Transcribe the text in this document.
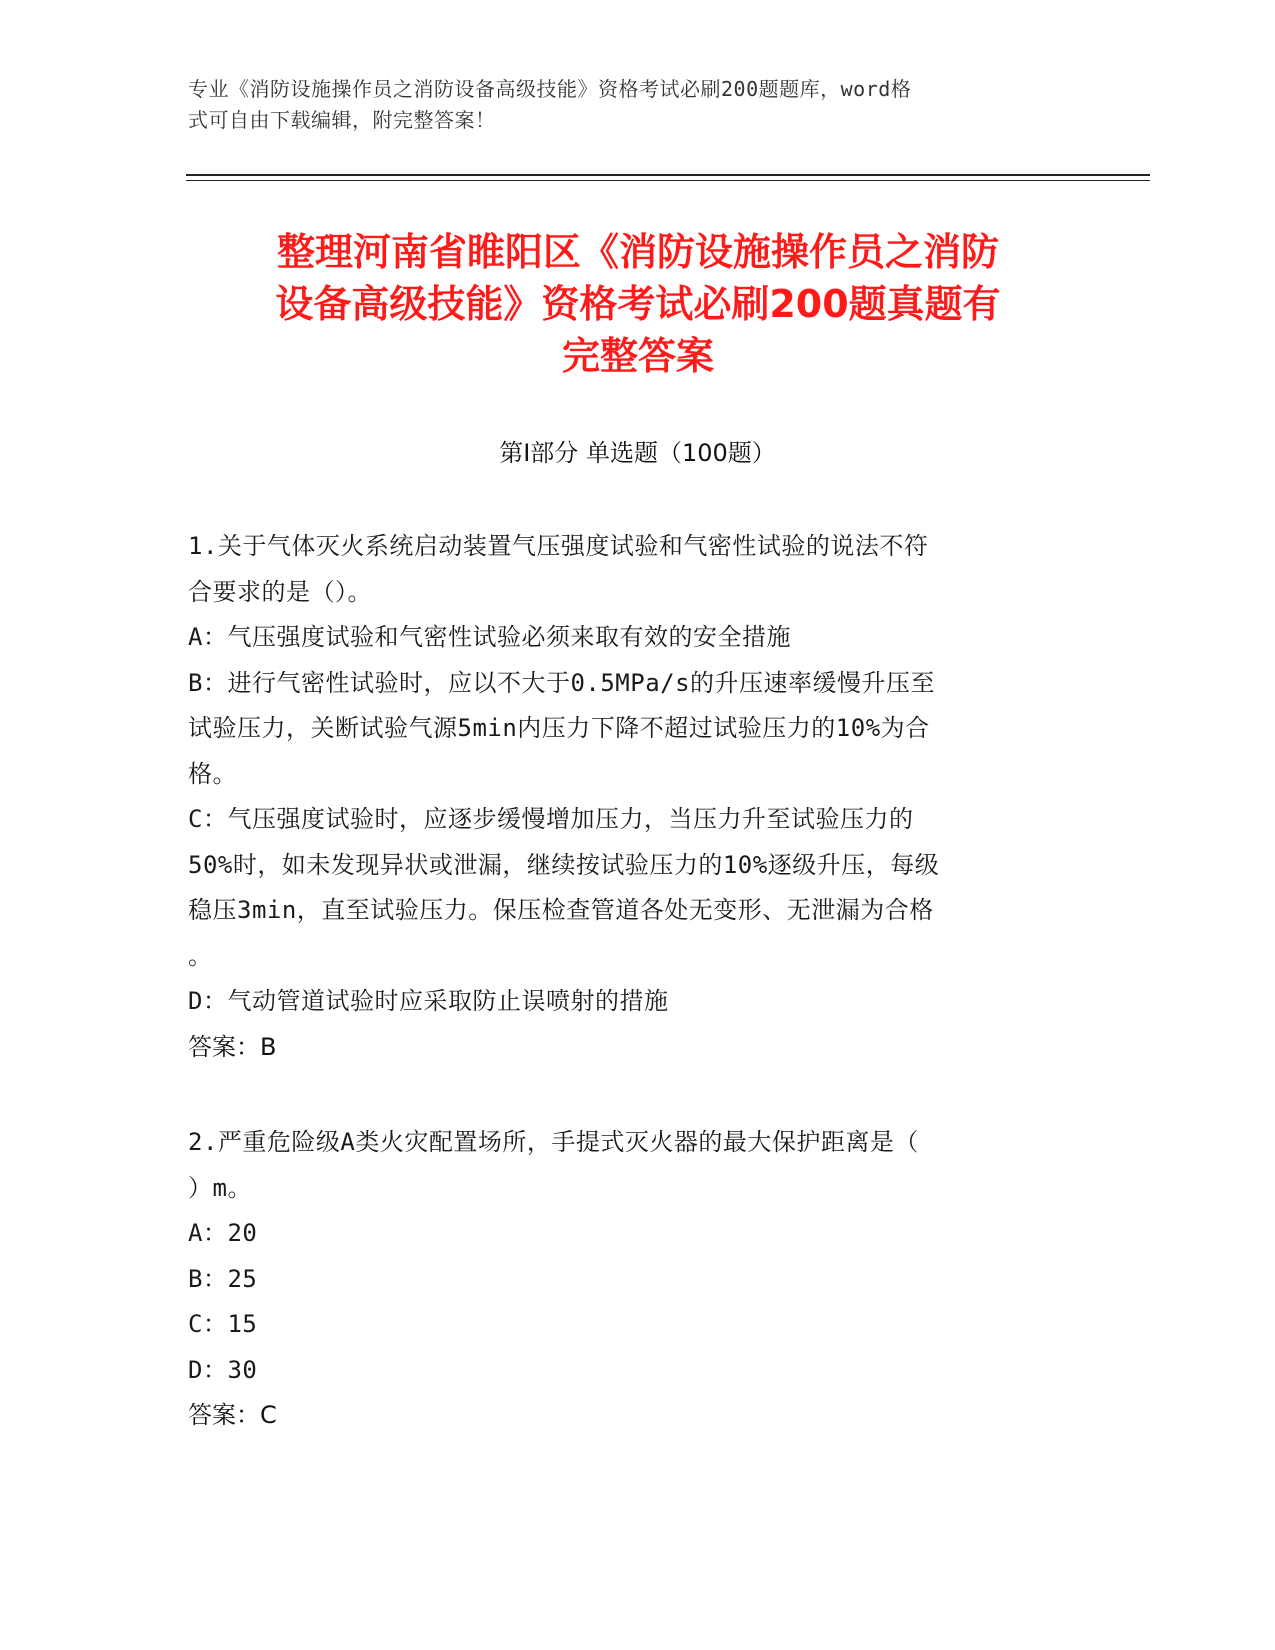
专业《消防设施操作员之消防设备高级技能》资格考试必刷200题题库，word格
式可自由下载编辑，附完整答案！
整理河南省睢阳区《消防设施操作员之消防
设备高级技能》资格考试必刷200题真题有
完整答案
第Ⅰ部分 单选题（100题）

1.关于气体灭火系统启动装置气压强度试验和气密性试验的说法不符

合要求的是（）。

A：气压强度试验和气密性试验必须来取有效的安全措施

B：进行气密性试验时，应以不大于0.5MPa/s的升压速率缓慢升压至

试验压力，关断试验气源5min内压力下降不超过试验压力的10%为合

格。

C：气压强度试验时，应逐步缓慢增加压力，当压力升至试验压力的

50%时，如未发现异状或泄漏，继续按试验压力的10%逐级升压，每级

稳压3min，直至试验压力。保压检查管道各处无变形、无泄漏为合格

。

D：气动管道试验时应采取防止误喷射的措施

答案：B

2.严重危险级A类火灾配置场所，手提式灭火器的最大保护距离是（

）m。

A：20

B：25

C：15

D：30

答案：C
